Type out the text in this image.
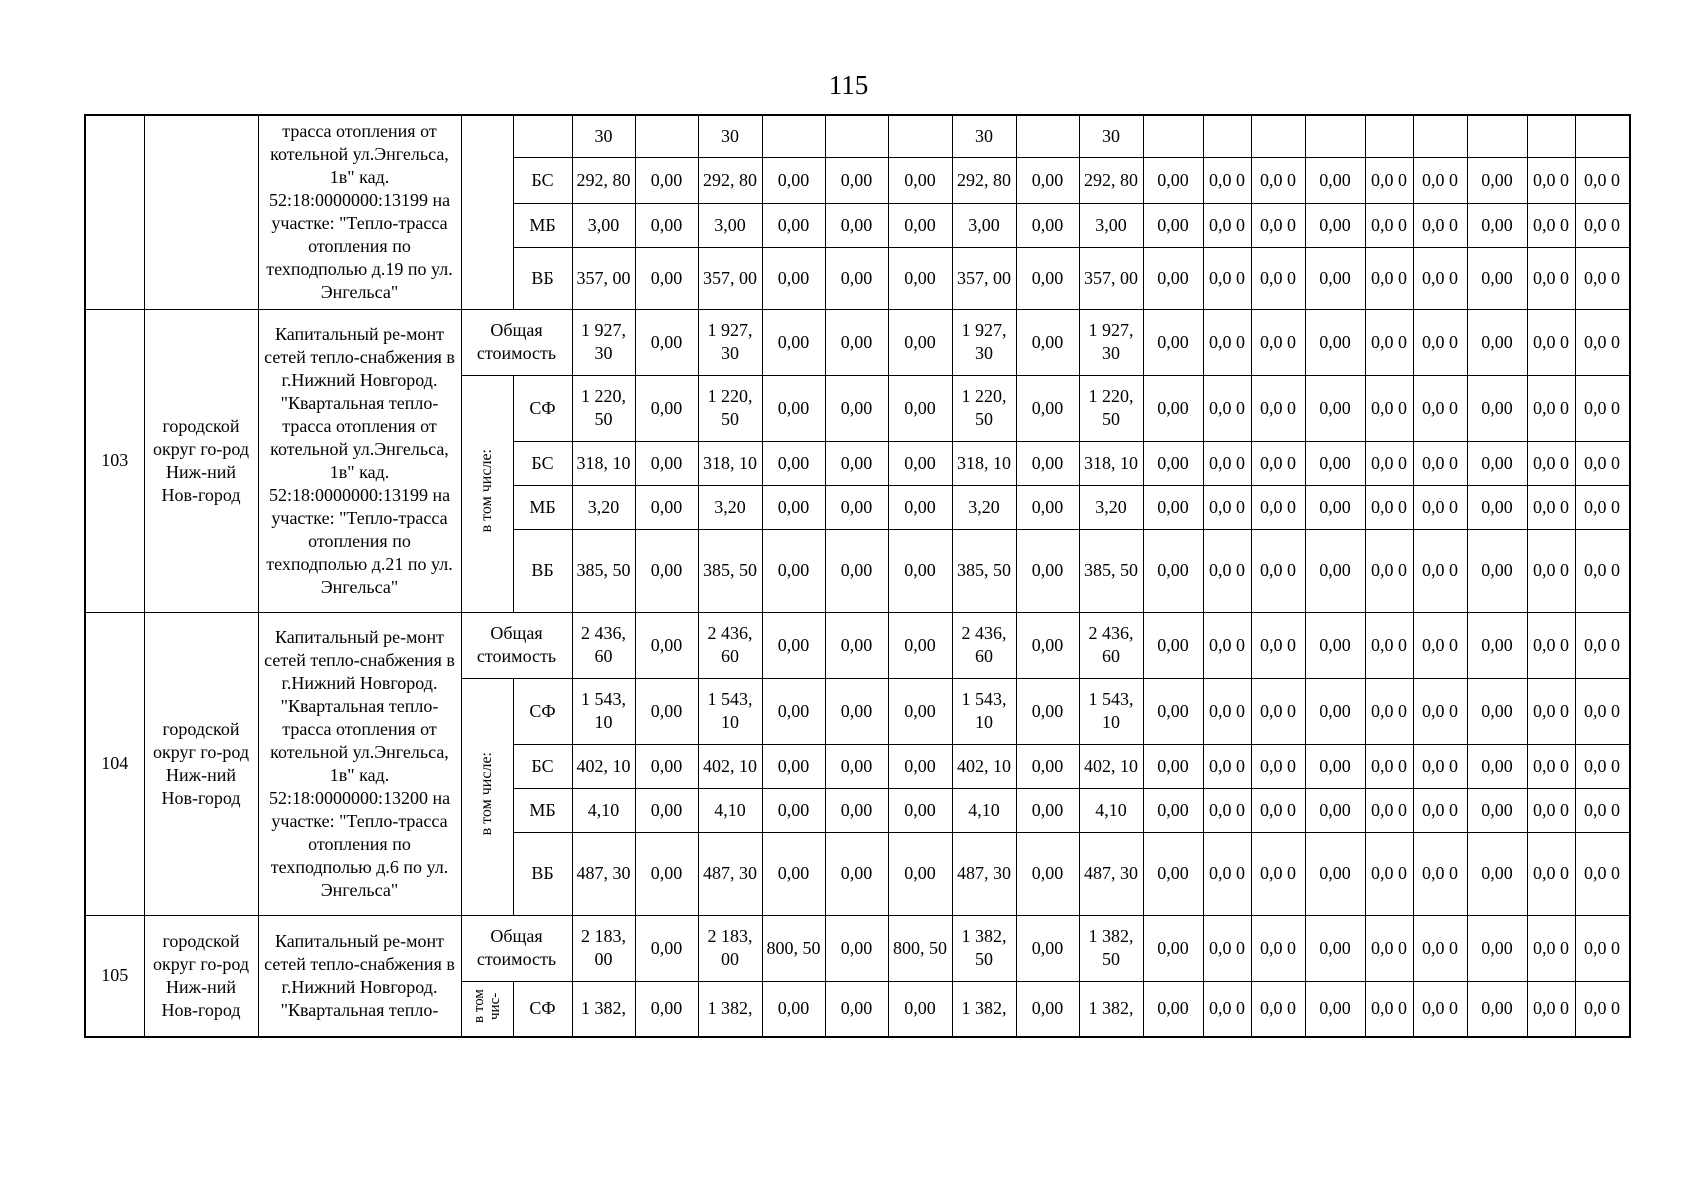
115
		трасса отопления от котельной ул.Энгельса, 1в" кад. 52:18:0000000:13199 на участке: "Тепло-трасса отопления по техподполью д.19 по ул. Энгельса"			30		30				30		30										
				БС	292, 80	0,00	292, 80	0,00	0,00	0,00	292, 80	0,00	292, 80	0,00	0,0 0	0,0 0	0,00	0,0 0	0,0 0	0,00	0,0 0	0,0 0	
				МБ	3,00	0,00	3,00	0,00	0,00	0,00	3,00	0,00	3,00	0,00	0,0 0	0,0 0	0,00	0,0 0	0,0 0	0,00	0,0 0	0,0 0	
				ВБ	357, 00	0,00	357, 00	0,00	0,00	0,00	357, 00	0,00	357, 00	0,00	0,0 0	0,0 0	0,00	0,0 0	0,0 0	0,00	0,0 0	0,0 0	
103	городской округ го-род Ниж-ний Нов-город	Капитальный ре-монт сетей тепло-снабжения в г.Нижний Новгород. "Квартальная тепло-трасса отопления от котельной ул.Энгельса, 1в" кад. 52:18:0000000:13199 на участке: "Тепло-трасса отопления по техподполью д.21 по ул. Энгельса"	Общая стоимость		1 927, 30	0,00	1 927, 30	0,00	0,00	0,00	1 927, 30	0,00	1 927, 30	0,00	0,0 0	0,0 0	0,00	0,0 0	0,0 0	0,00	0,0 0	0,0 0	
			в том числе:	СФ	1 220, 50	0,00	1 220, 50	0,00	0,00	0,00	1 220, 50	0,00	1 220, 50	0,00	0,0 0	0,0 0	0,00	0,0 0	0,0 0	0,00	0,0 0	0,0 0	
				БС	318, 10	0,00	318, 10	0,00	0,00	0,00	318, 10	0,00	318, 10	0,00	0,0 0	0,0 0	0,00	0,0 0	0,0 0	0,00	0,0 0	0,0 0	
				МБ	3,20	0,00	3,20	0,00	0,00	0,00	3,20	0,00	3,20	0,00	0,0 0	0,0 0	0,00	0,0 0	0,0 0	0,00	0,0 0	0,0 0	
				ВБ	385, 50	0,00	385, 50	0,00	0,00	0,00	385, 50	0,00	385, 50	0,00	0,0 0	0,0 0	0,00	0,0 0	0,0 0	0,00	0,0 0	0,0 0	
104	городской округ го-род Ниж-ний Нов-город	Капитальный ре-монт сетей тепло-снабжения в г.Нижний Новгород. "Квартальная тепло-трасса отопления от котельной ул.Энгельса, 1в" кад. 52:18:0000000:13200 на участке: "Тепло-трасса отопления по техподполью д.6 по ул. Энгельса"	Общая стоимость		2 436, 60	0,00	2 436, 60	0,00	0,00	0,00	2 436, 60	0,00	2 436, 60	0,00	0,0 0	0,0 0	0,00	0,0 0	0,0 0	0,00	0,0 0	0,0 0	
			в том числе:	СФ	1 543, 10	0,00	1 543, 10	0,00	0,00	0,00	1 543, 10	0,00	1 543, 10	0,00	0,0 0	0,0 0	0,00	0,0 0	0,0 0	0,00	0,0 0	0,0 0	
				БС	402, 10	0,00	402, 10	0,00	0,00	0,00	402, 10	0,00	402, 10	0,00	0,0 0	0,0 0	0,00	0,0 0	0,0 0	0,00	0,0 0	0,0 0	
				МБ	4,10	0,00	4,10	0,00	0,00	0,00	4,10	0,00	4,10	0,00	0,0 0	0,0 0	0,00	0,0 0	0,0 0	0,00	0,0 0	0,0 0	
				ВБ	487, 30	0,00	487, 30	0,00	0,00	0,00	487, 30	0,00	487, 30	0,00	0,0 0	0,0 0	0,00	0,0 0	0,0 0	0,00	0,0 0	0,0 0	
105	городской округ го-род Ниж-ний Нов-город	Капитальный ре-монт сетей тепло-снабжения в г.Нижний Новгород. "Квартальная тепло-	Общая стоимость		2 183, 00	0,00	2 183, 00	800, 50	0,00	800, 50	1 382, 50	0,00	1 382, 50	0,00	0,0 0	0,0 0	0,00	0,0 0	0,0 0	0,00	0,0 0	0,0 0	
			в том чис-	СФ	1 382,	0,00	1 382,	0,00	0,00	0,00	1 382,	0,00	1 382,	0,00	0,0 0	0,0 0	0,00	0,0 0	0,0 0	0,00	0,0 0	0,0 0	
